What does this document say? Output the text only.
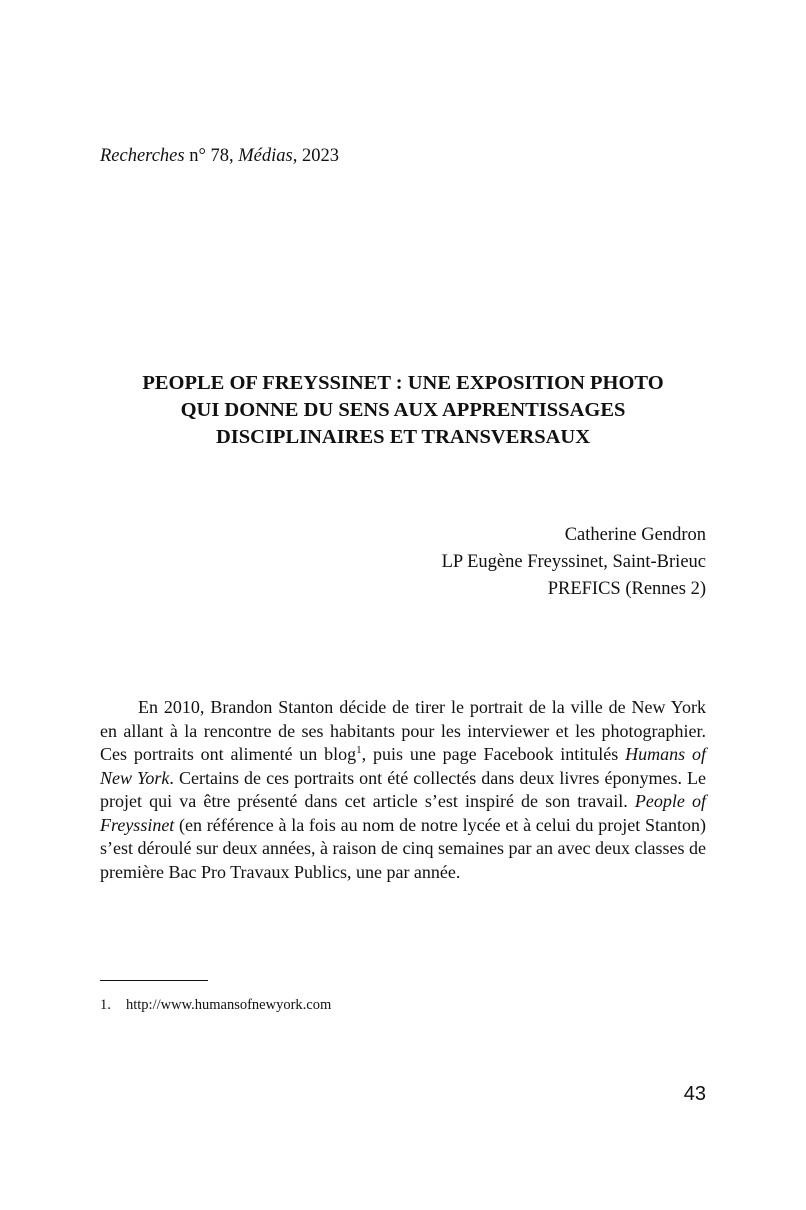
Recherches n° 78, Médias, 2023
PEOPLE OF FREYSSINET : UNE EXPOSITION PHOTO
QUI DONNE DU SENS AUX APPRENTISSAGES
DISCIPLINAIRES ET TRANSVERSAUX
Catherine Gendron
LP Eugène Freyssinet, Saint-Brieuc
PREFICS (Rennes 2)

En 2010, Brandon Stanton décide de tirer le portrait de la ville de New York en allant à la rencontre de ses habitants pour les interviewer et les photographier. Ces portraits ont alimenté un blog$^1$, puis une page Facebook intitulés Humans of New York. Certains de ces portraits ont été collectés dans deux livres éponymes. Le projet qui va être présenté dans cet article s’est inspiré de son travail. People of Freyssinet (en référence à la fois au nom de notre lycée et à celui du projet Stanton) s’est déroulé sur deux années, à raison de cinq semaines par an avec deux classes de première Bac Pro Travaux Publics, une par année.

1. http://www.humansofnewyork.com
43
